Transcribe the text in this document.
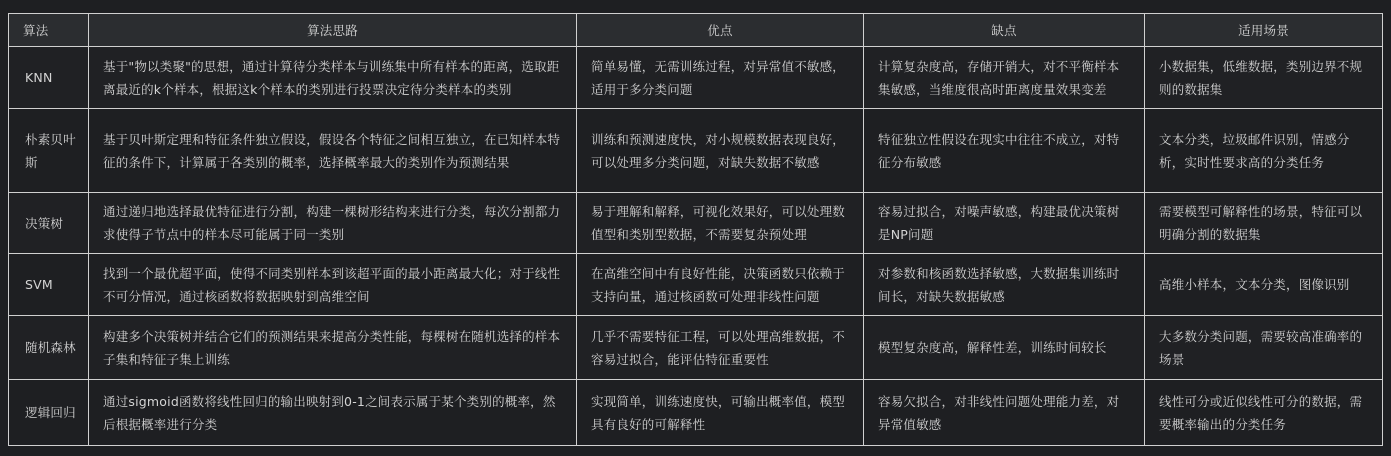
算法	算法思路	优点	缺点	适用场景
KNN	基于"物以类聚"的思想，通过计算待分类样本与训练集中所有样本的距离，选取距离最近的k个样本，根据这k个样本的类别进行投票决定待分类样本的类别	简单易懂，无需训练过程，对异常值不敏感，适用于多分类问题	计算复杂度高，存储开销大，对不平衡样本集敏感，当维度很高时距离度量效果变差	小数据集，低维数据，类别边界不规则的数据集
朴素贝叶斯	基于贝叶斯定理和特征条件独立假设，假设各个特征之间相互独立，在已知样本特征的条件下，计算属于各类别的概率，选择概率最大的类别作为预测结果	训练和预测速度快，对小规模数据表现良好，可以处理多分类问题，对缺失数据不敏感	特征独立性假设在现实中往往不成立，对特征分布敏感	文本分类，垃圾邮件识别，情感分析，实时性要求高的分类任务
决策树	通过递归地选择最优特征进行分割，构建一棵树形结构来进行分类，每次分割都力求使得子节点中的样本尽可能属于同一类别	易于理解和解释，可视化效果好，可以处理数值型和类别型数据，不需要复杂预处理	容易过拟合，对噪声敏感，构建最优决策树是NP问题	需要模型可解释性的场景，特征可以明确分割的数据集
SVM	找到一个最优超平面，使得不同类别样本到该超平面的最小距离最大化；对于线性不可分情况，通过核函数将数据映射到高维空间	在高维空间中有良好性能，决策函数只依赖于支持向量，通过核函数可处理非线性问题	对参数和核函数选择敏感，大数据集训练时间长，对缺失数据敏感	高维小样本，文本分类，图像识别
随机森林	构建多个决策树并结合它们的预测结果来提高分类性能，每棵树在随机选择的样本子集和特征子集上训练	几乎不需要特征工程，可以处理高维数据，不容易过拟合，能评估特征重要性	模型复杂度高，解释性差，训练时间较长	大多数分类问题，需要较高准确率的场景
逻辑回归	通过sigmoid函数将线性回归的输出映射到0-1之间表示属于某个类别的概率，然后根据概率进行分类	实现简单，训练速度快，可输出概率值，模型具有良好的可解释性	容易欠拟合，对非线性问题处理能力差，对异常值敏感	线性可分或近似线性可分的数据，需要概率输出的分类任务
